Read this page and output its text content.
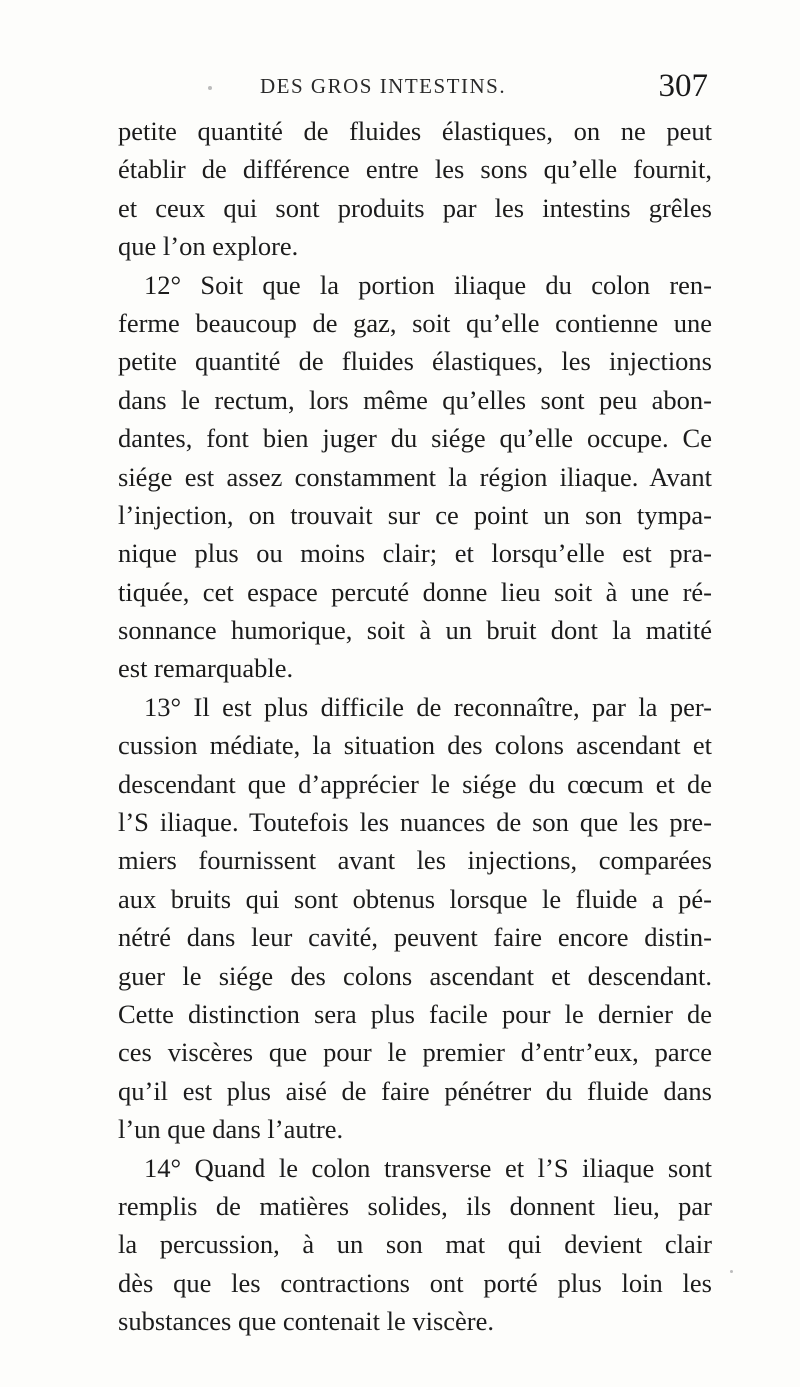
DES GROS INTESTINS.	307
petite quantité de fluides élastiques, on ne peut
établir de différence entre les sons qu’elle fournit,
et ceux qui sont produits par les intestins grêles
que l’on explore.
12° Soit que la portion iliaque du colon ren-
ferme beaucoup de gaz, soit qu’elle contienne une
petite quantité de fluides élastiques, les injections
dans le rectum, lors même qu’elles sont peu abon-
dantes, font bien juger du siége qu’elle occupe. Ce
siége est assez constamment la région iliaque. Avant
l’injection, on trouvait sur ce point un son tympa-
nique plus ou moins clair; et lorsqu’elle est pra-
tiquée, cet espace percuté donne lieu soit à une ré-
sonnance humorique, soit à un bruit dont la matité
est remarquable.
13° Il est plus difficile de reconnaître, par la per-
cussion médiate, la situation des colons ascendant et
descendant que d’apprécier le siége du cœcum et de
l’S iliaque. Toutefois les nuances de son que les pre-
miers fournissent avant les injections, comparées
aux bruits qui sont obtenus lorsque le fluide a pé-
nétré dans leur cavité, peuvent faire encore distin-
guer le siége des colons ascendant et descendant.
Cette distinction sera plus facile pour le dernier de
ces viscères que pour le premier d’entr’eux, parce
qu’il est plus aisé de faire pénétrer du fluide dans
l’un que dans l’autre.
14° Quand le colon transverse et l’S iliaque sont
remplis de matières solides, ils donnent lieu, par
la percussion, à un son mat qui devient clair
dès que les contractions ont porté plus loin les
substances que contenait le viscère.
